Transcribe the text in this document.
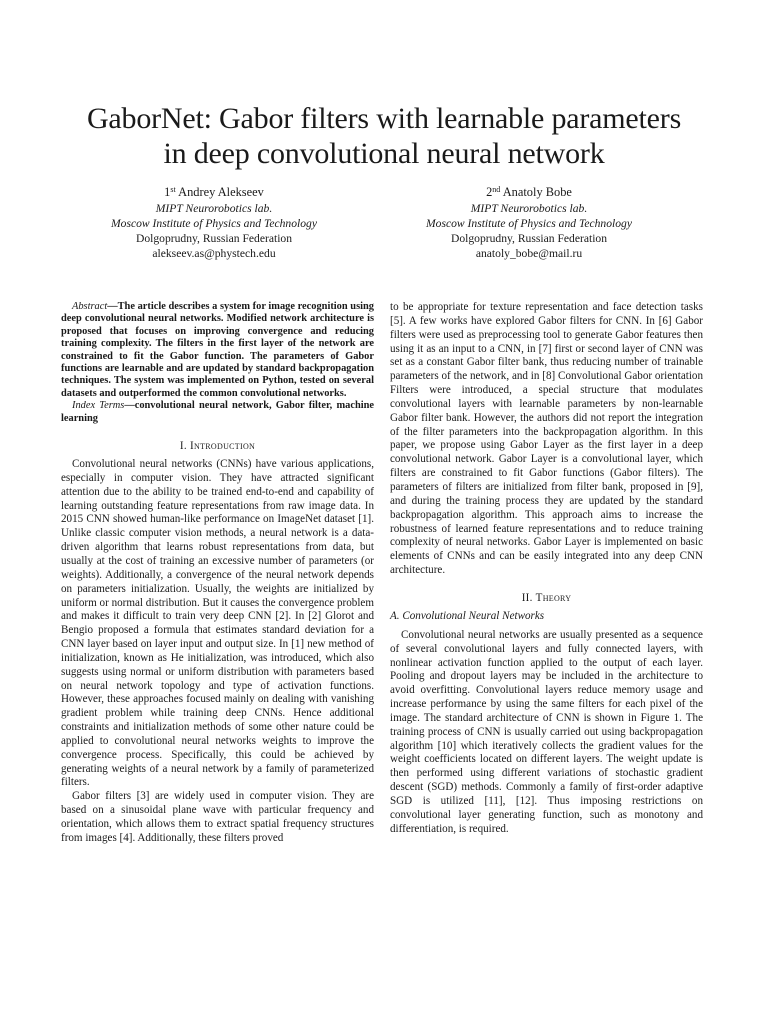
GaborNet: Gabor filters with learnable parameters
in deep convolutional neural network
1st Andrey Alekseev
MIPT Neurorobotics lab.
Moscow Institute of Physics and Technology
Dolgoprudny, Russian Federation
alekseev.as@phystech.edu
2nd Anatoly Bobe
MIPT Neurorobotics lab.
Moscow Institute of Physics and Technology
Dolgoprudny, Russian Federation
anatoly_bobe@mail.ru

Abstract—The article describes a system for image recognition using deep convolutional neural networks. Modified network architecture is proposed that focuses on improving convergence and reducing training complexity. The filters in the first layer of the network are constrained to fit the Gabor function. The parameters of Gabor functions are learnable and are updated by standard backpropagation techniques. The system was implemented on Python, tested on several datasets and outperformed the common convolutional networks.

Index Terms—convolutional neural network, Gabor filter, machine learning

I. Introduction

Convolutional neural networks (CNNs) have various applications, especially in computer vision. They have attracted significant attention due to the ability to be trained end-to-end and capability of learning outstanding feature representations from raw image data. In 2015 CNN showed human-like performance on ImageNet dataset [1]. Unlike classic computer vision methods, a neural network is a data-driven algorithm that learns robust representations from data, but usually at the cost of training an excessive number of parameters (or weights). Additionally, a convergence of the neural network depends on parameters initialization. Usually, the weights are initialized by uniform or normal distribution. But it causes the convergence problem and makes it difficult to train very deep CNN [2]. In [2] Glorot and Bengio proposed a formula that estimates standard deviation for a CNN layer based on layer input and output size. In [1] new method of initialization, known as He initialization, was introduced, which also suggests using normal or uniform distribution with parameters based on neural network topology and type of activation functions. However, these approaches focused mainly on dealing with vanishing gradient problem while training deep CNNs. Hence additional constraints and initialization methods of some other nature could be applied to convolutional neural networks weights to improve the convergence process. Specifically, this could be achieved by generating weights of a neural network by a family of parameterized filters.

Gabor filters [3] are widely used in computer vision. They are based on a sinusoidal plane wave with particular frequency and orientation, which allows them to extract spatial frequency structures from images [4]. Additionally, these filters proved

to be appropriate for texture representation and face detection tasks [5]. A few works have explored Gabor filters for CNN. In [6] Gabor filters were used as preprocessing tool to generate Gabor features then using it as an input to a CNN, in [7] first or second layer of CNN was set as a constant Gabor filter bank, thus reducing number of trainable parameters of the network, and in [8] Convolutional Gabor orientation Filters were introduced, a special structure that modulates convolutional layers with learnable parameters by non-learnable Gabor filter bank. However, the authors did not report the integration of the filter parameters into the backpropagation algorithm. In this paper, we propose using Gabor Layer as the first layer in a deep convolutional network. Gabor Layer is a convolutional layer, which filters are constrained to fit Gabor functions (Gabor filters). The parameters of filters are initialized from filter bank, proposed in [9], and during the training process they are updated by the standard backpropagation algorithm. This approach aims to increase the robustness of learned feature representations and to reduce training complexity of neural networks. Gabor Layer is implemented on basic elements of CNNs and can be easily integrated into any deep CNN architecture.

II. Theory
A. Convolutional Neural Networks

Convolutional neural networks are usually presented as a sequence of several convolutional layers and fully connected layers, with nonlinear activation function applied to the output of each layer. Pooling and dropout layers may be included in the architecture to avoid overfitting. Convolutional layers reduce memory usage and increase performance by using the same filters for each pixel of the image. The standard architecture of CNN is shown in Figure 1. The training process of CNN is usually carried out using backpropagation algorithm [10] which iteratively collects the gradient values for the weight coefficients located on different layers. The weight update is then performed using different variations of stochastic gradient descent (SGD) methods. Commonly a family of first-order adaptive SGD is utilized [11], [12]. Thus imposing restrictions on convolutional layer generating function, such as monotony and differentiation, is required.
